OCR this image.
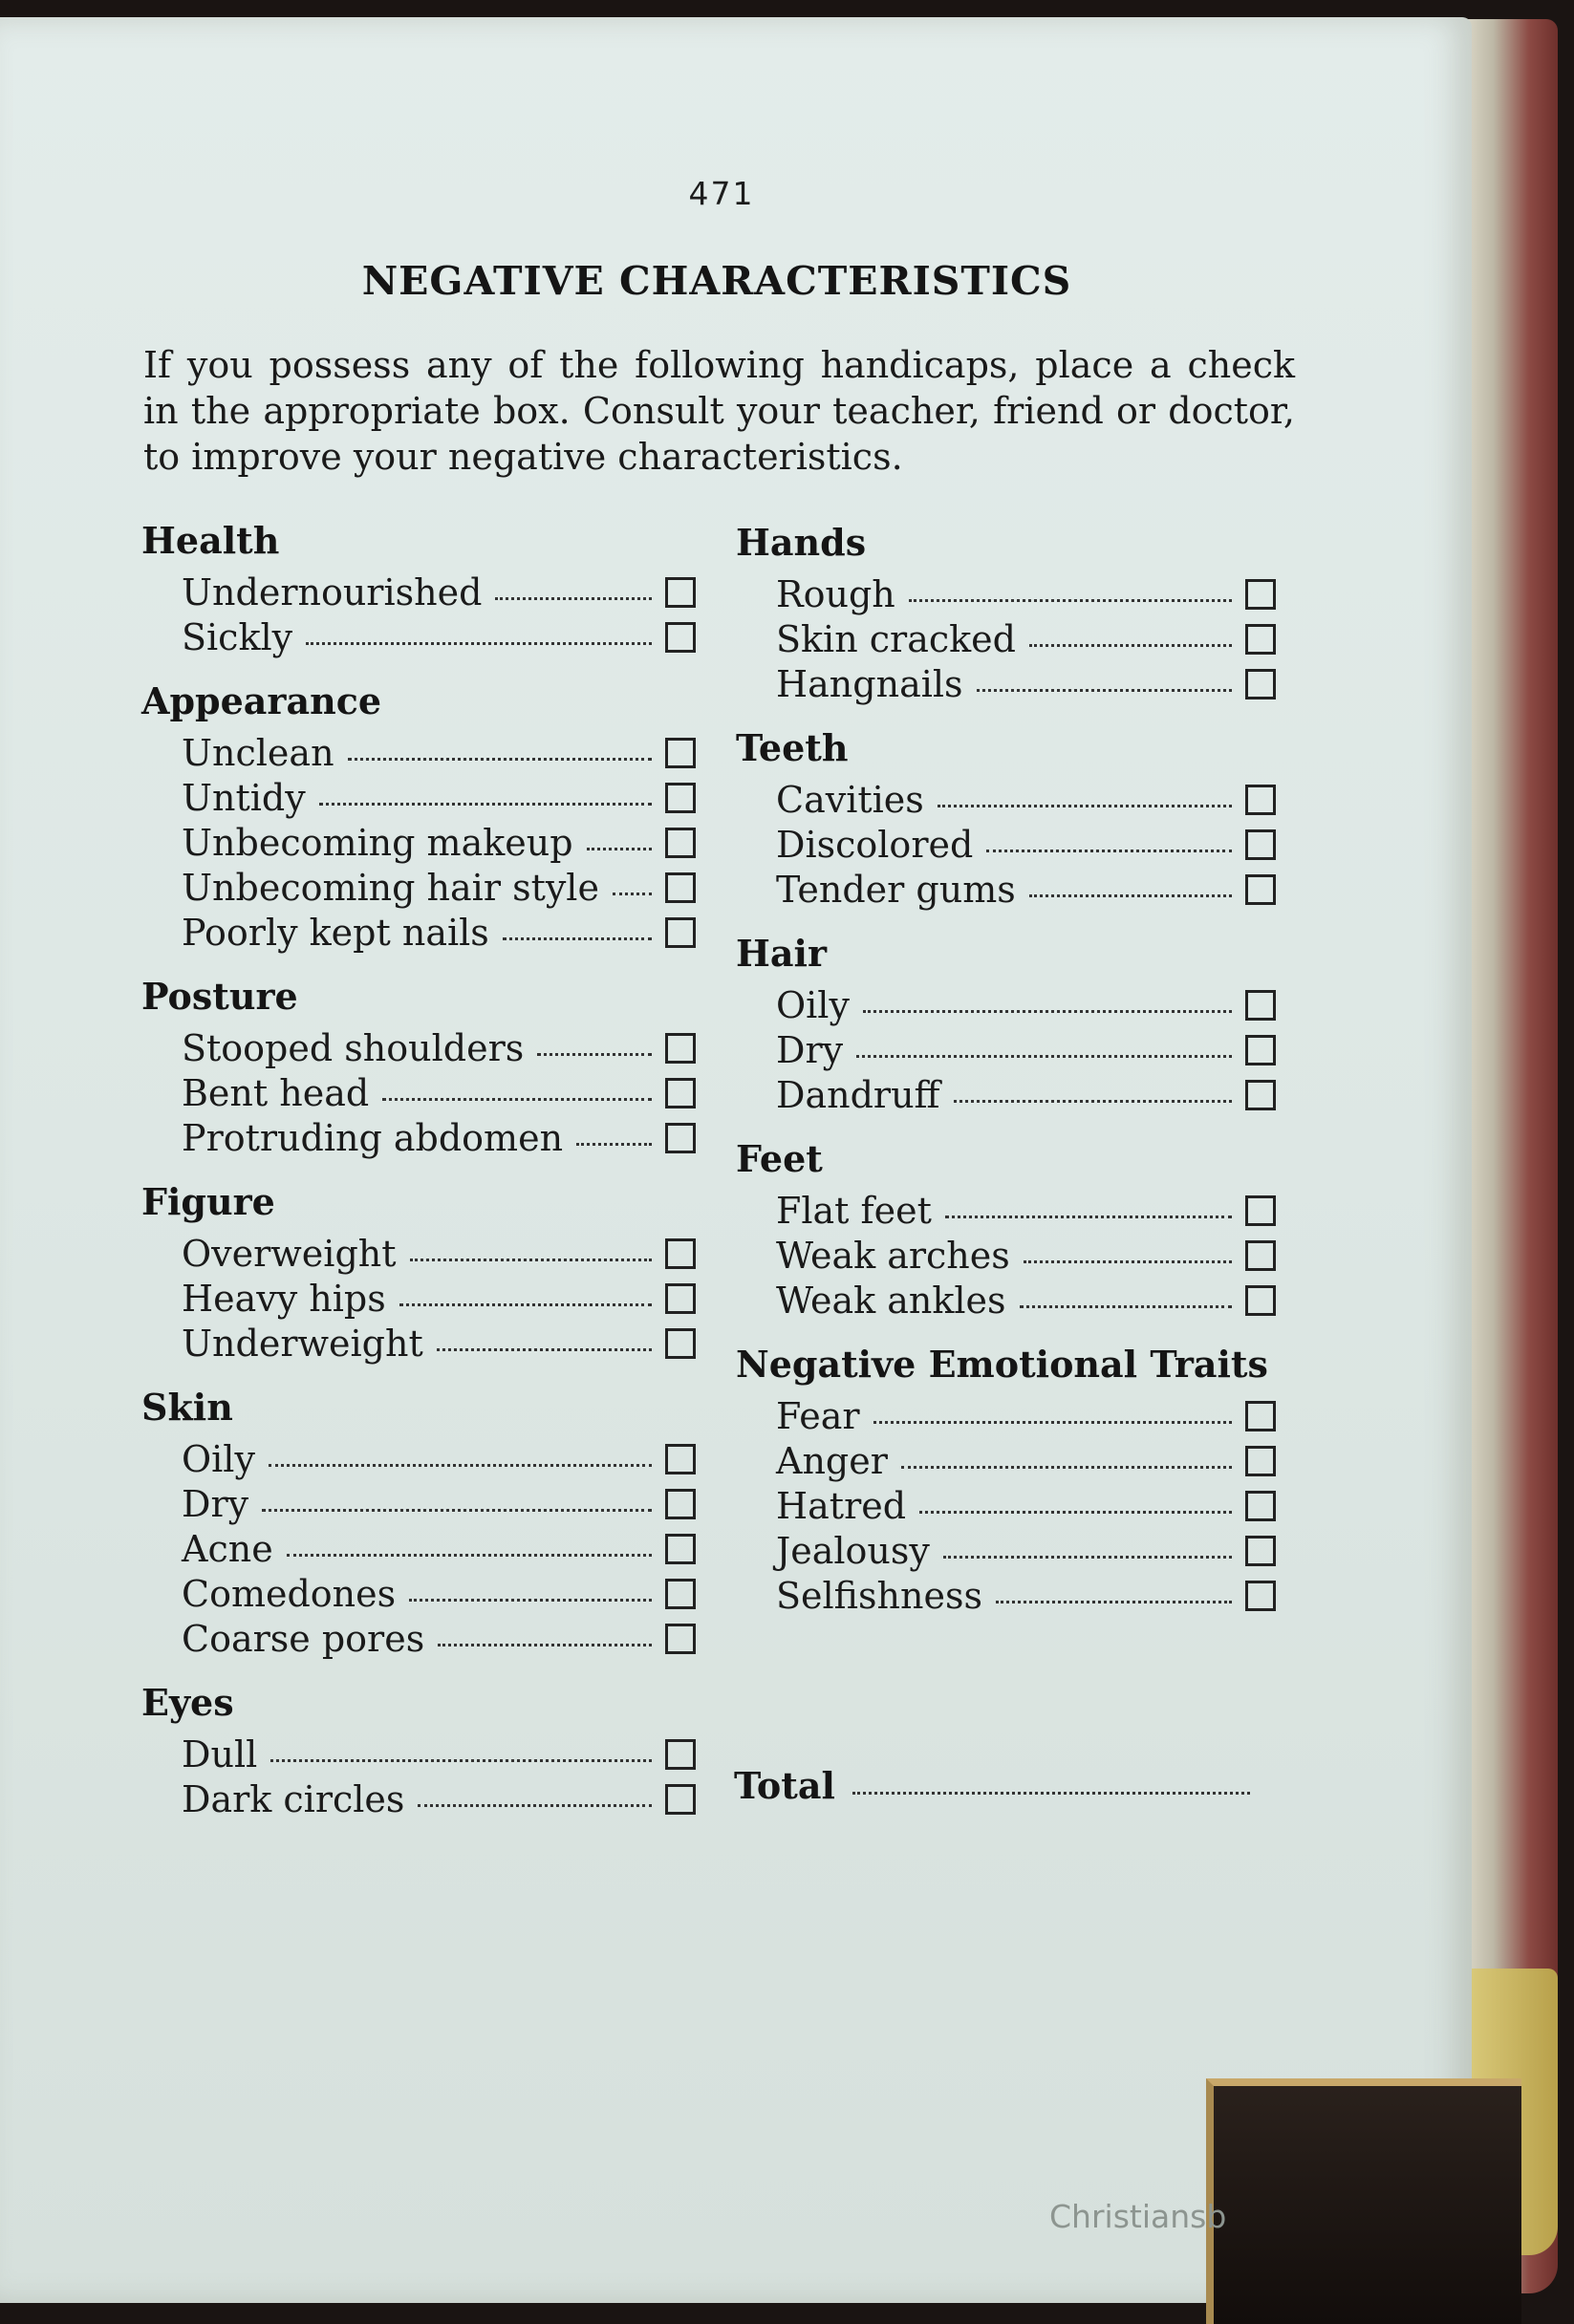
471
NEGATIVE CHARACTERISTICS
If you possess any of the following handicaps, place a check in the appropriate box. Consult your teacher, friend or doctor, to improve your negative characteristics.
Health
Undernourished
Sickly
Appearance
Unclean
Untidy
Unbecoming makeup
Unbecoming hair style
Poorly kept nails
Posture
Stooped shoulders
Bent head
Protruding abdomen
Figure
Overweight
Heavy hips
Underweight
Skin
Oily
Dry
Acne
Comedones
Coarse pores
Eyes
Dull
Dark circles
Hands
Rough
Skin cracked
Hangnails
Teeth
Cavities
Discolored
Tender gums
Hair
Oily
Dry
Dandruff
Feet
Flat feet
Weak arches
Weak ankles
Negative Emotional Traits
Fear
Anger
Hatred
Jealousy
Selfishness
Total
Christiansb
